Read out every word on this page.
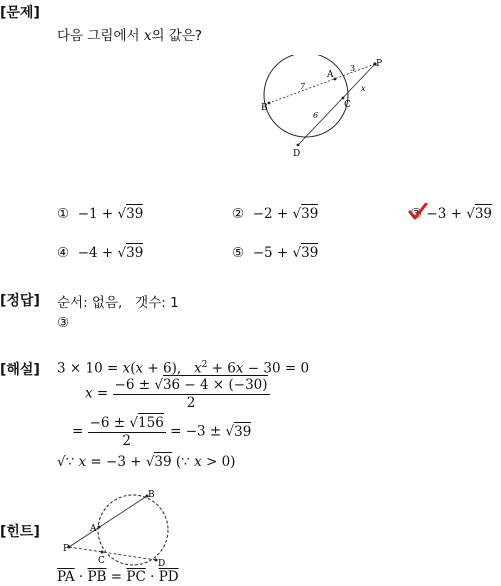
[문제]
다음 그림에서 x의 값은?
P
A
B	C
D
3
7	x
6
① −1 + √39	② −2 + √39	③ −3 + √39
④ −4 + √39	⑤ −5 + √39
[정답] 순서: 없음,   갯수: 1
③
[해설] 3 × 10 = x(x + 6),   $x^2 + 6x - 30 = 0$
$x = \frac{-6 \pm √36 - 4 \times (-30)}{2}$
= $\frac{-6 \pm √156}{2} = -3 \pm √39$
√∵ x = −3 + √39 (∵ x > 0)
[힌트]
P
A
B
C	D
$\overline{PA} \cdot \overline{PB} = \overline{PC} \cdot \overline{PD}$
